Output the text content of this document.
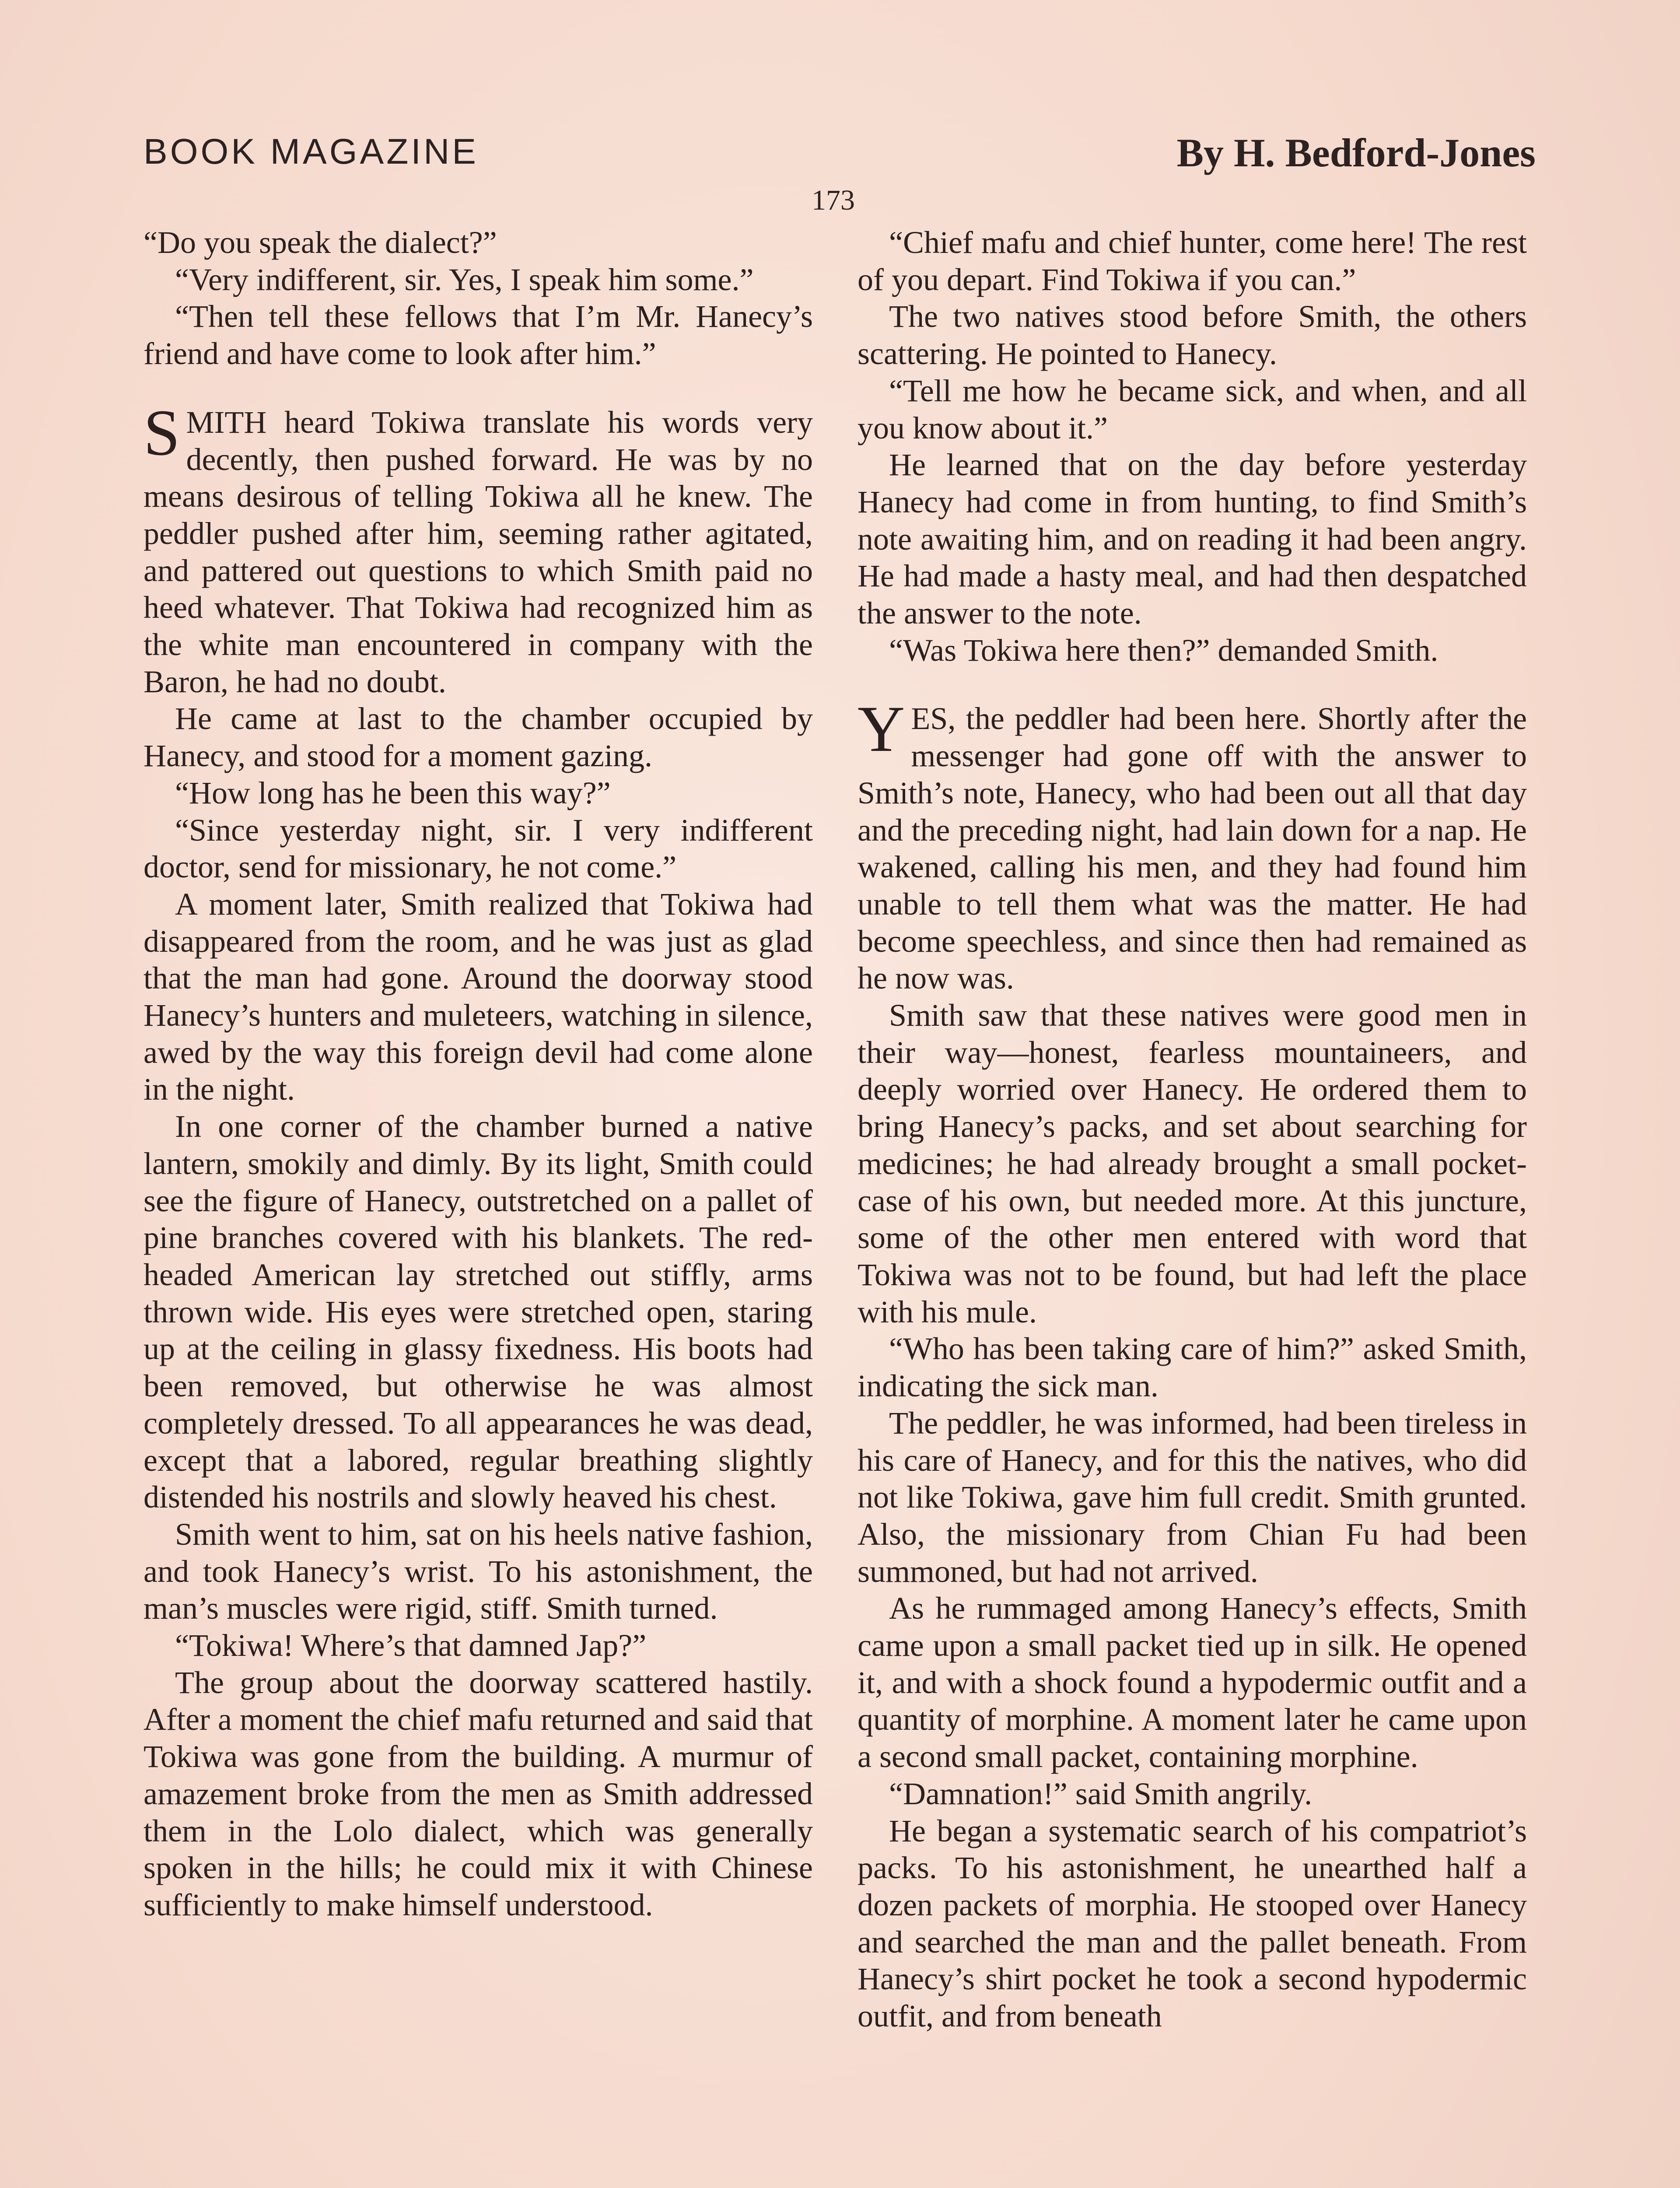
BOOK MAGAZINE	By H. Bedford-Jones
173

“Do you speak the dialect?”

“Very indifferent, sir. Yes, I speak him some.”

“Then tell these fellows that I’m Mr. Hanecy’s friend and have come to look after him.”

SMITH heard Tokiwa translate his words very decently, then pushed forward. He was by no means desirous of telling Tokiwa all he knew. The peddler pushed after him, seeming rather agitated, and pattered out questions to which Smith paid no heed whatever. That Tokiwa had recognized him as the white man encountered in company with the Baron, he had no doubt.

He came at last to the chamber occupied by Hanecy, and stood for a moment gazing.

“How long has he been this way?”

“Since yesterday night, sir. I very indifferent doctor, send for missionary, he not come.”

A moment later, Smith realized that Tokiwa had disappeared from the room, and he was just as glad that the man had gone. Around the doorway stood Hanecy’s hunters and muleteers, watching in silence, awed by the way this foreign devil had come alone in the night.

In one corner of the chamber burned a native lantern, smokily and dimly. By its light, Smith could see the figure of Hanecy, outstretched on a pallet of pine branches covered with his blankets. The red-headed American lay stretched out stiffly, arms thrown wide. His eyes were stretched open, staring up at the ceiling in glassy fixedness. His boots had been removed, but otherwise he was almost completely dressed. To all appearances he was dead, except that a labored, regular breathing slightly distended his nostrils and slowly heaved his chest.

Smith went to him, sat on his heels native fashion, and took Hanecy’s wrist. To his astonishment, the man’s muscles were rigid, stiff. Smith turned.

“Tokiwa! Where’s that damned Jap?”

The group about the doorway scattered hastily. After a moment the chief mafu returned and said that Tokiwa was gone from the building. A murmur of amazement broke from the men as Smith addressed them in the Lolo dialect, which was generally spoken in the hills; he could mix it with Chinese sufficiently to make himself understood.

“Chief mafu and chief hunter, come here! The rest of you depart. Find Tokiwa if you can.”

The two natives stood before Smith, the others scattering. He pointed to Hanecy.

“Tell me how he became sick, and when, and all you know about it.”

He learned that on the day before yesterday Hanecy had come in from hunting, to find Smith’s note awaiting him, and on reading it had been angry. He had made a hasty meal, and had then despatched the answer to the note.

“Was Tokiwa here then?” demanded Smith.

YES, the peddler had been here. Shortly after the messenger had gone off with the answer to Smith’s note, Hanecy, who had been out all that day and the preceding night, had lain down for a nap. He wakened, calling his men, and they had found him unable to tell them what was the matter. He had become speechless, and since then had remained as he now was.

Smith saw that these natives were good men in their way—honest, fearless mountaineers, and deeply worried over Hanecy. He ordered them to bring Hanecy’s packs, and set about searching for medicines; he had already brought a small pocket-case of his own, but needed more. At this juncture, some of the other men entered with word that Tokiwa was not to be found, but had left the place with his mule.

“Who has been taking care of him?” asked Smith, indicating the sick man.

The peddler, he was informed, had been tireless in his care of Hanecy, and for this the natives, who did not like Tokiwa, gave him full credit. Smith grunted. Also, the missionary from Chian Fu had been summoned, but had not arrived.

As he rummaged among Hanecy’s effects, Smith came upon a small packet tied up in silk. He opened it, and with a shock found a hypodermic outfit and a quantity of morphine. A moment later he came upon a second small packet, containing morphine.

“Damnation!” said Smith angrily.

He began a systematic search of his compatriot’s packs. To his astonishment, he unearthed half a dozen packets of morphia. He stooped over Hanecy and searched the man and the pallet beneath. From Hanecy’s shirt pocket he took a second hypodermic outfit, and from beneath
